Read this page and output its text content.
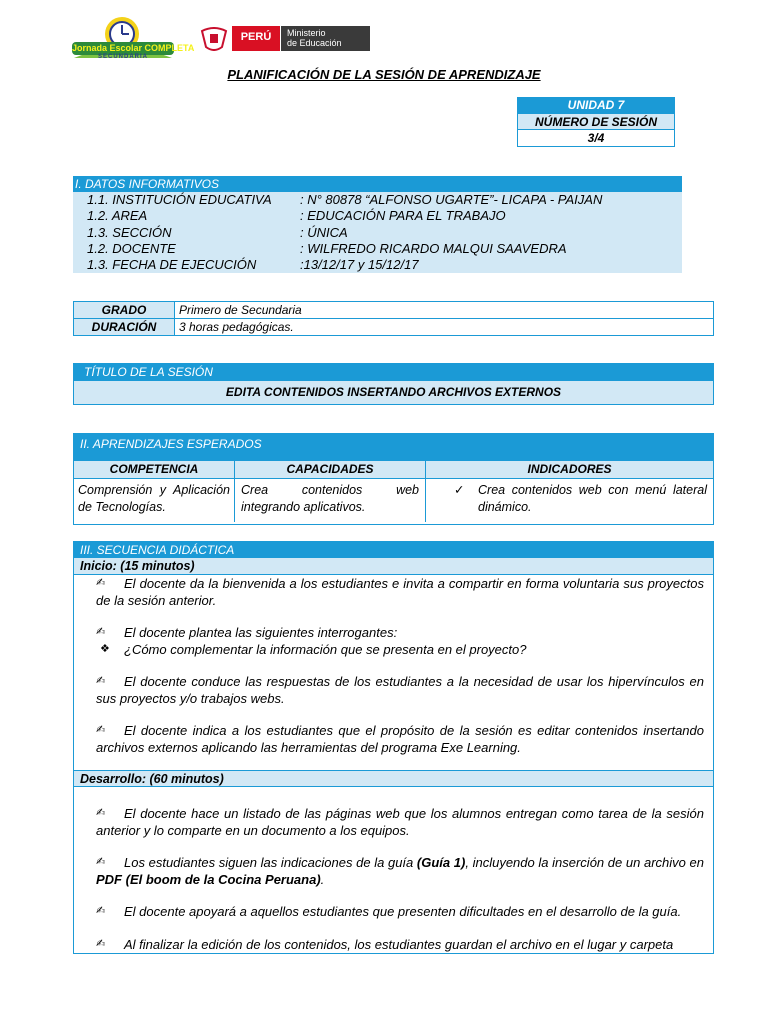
Jornada Escolar COMPLETA
SECUNDARIA
PERÚ	Ministerio
de Educación
PLANIFICACIÓN DE LA SESIÓN DE APRENDIZAJE
UNIDAD 7
NÚMERO DE SESIÓN
3/4
I. DATOS INFORMATIVOS
1.1. INSTITUCIÓN EDUCATIVA : N° 80878 “ALFONSO UGARTE”- LICAPA - PAIJAN
1.2. AREA	: EDUCACIÓN PARA EL TRABAJO
1.3. SECCIÓN	: ÚNICA
1.2. DOCENTE	: WILFREDO RICARDO MALQUI SAAVEDRA
1.3. FECHA DE EJECUCIÓN	:13/12/17 y 15/12/17
GRADO	Primero de Secundaria
DURACIÓN	3 horas pedagógicas.
TÍTULO DE LA SESIÓN
EDITA CONTENIDOS INSERTANDO ARCHIVOS EXTERNOS
II. APRENDIZAJES ESPERADOS
COMPETENCIA	CAPACIDADES	INDICADORES
Comprensión y Aplicación de Tecnologías.	Crea contenidos web integrando aplicativos.	✓ Crea contenidos web con menú lateral dinámico.
III. SECUENCIA DIDÁCTICA
Inicio: (15 minutos)
✍ El docente da la bienvenida a los estudiantes e invita a compartir en forma voluntaria sus proyectos de la sesión anterior.
✍ El docente plantea las siguientes interrogantes:
❖ ¿Cómo complementar la información que se presenta en el proyecto?
✍ El docente conduce las respuestas de los estudiantes a la necesidad de usar los hipervínculos en sus proyectos y/o trabajos webs.
✍ El docente indica a los estudiantes que el propósito de la sesión es editar contenidos insertando archivos externos aplicando las herramientas del programa Exe Learning.
Desarrollo: (60 minutos)
✍ El docente hace un listado de las páginas web que los alumnos entregan como tarea de la sesión anterior y lo comparte en un documento a los equipos.
✍ Los estudiantes siguen las indicaciones de la guía (Guía 1), incluyendo la inserción de un archivo en PDF (El boom de la Cocina Peruana).
✍ El docente apoyará a aquellos estudiantes que presenten dificultades en el desarrollo de la guía.
✍ Al finalizar la edición de los contenidos, los estudiantes guardan el archivo en el lugar y carpeta
